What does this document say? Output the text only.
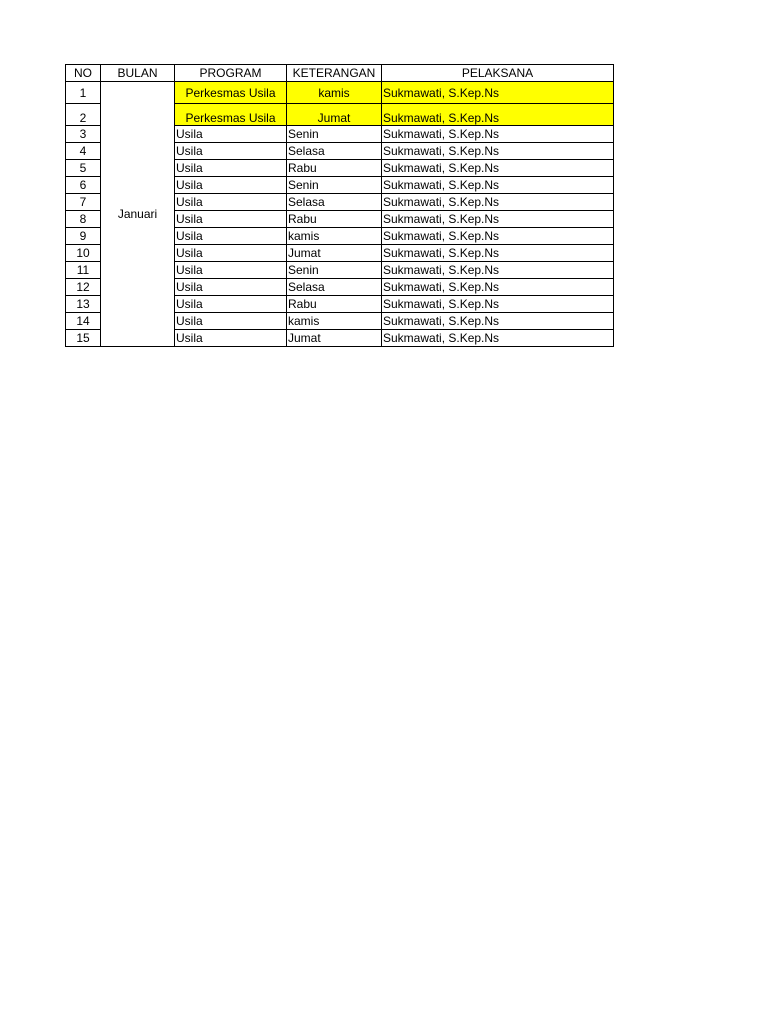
NO	BULAN	PROGRAM	KETERANGAN	PELAKSANA
1	Januari	Perkesmas Usila	kamis	Sukmawati, S.Kep.Ns
2		Perkesmas Usila	Jumat	Sukmawati, S.Kep.Ns
3		Usila	Senin	Sukmawati, S.Kep.Ns
4		Usila	Selasa	Sukmawati, S.Kep.Ns
5		Usila	Rabu	Sukmawati, S.Kep.Ns
6		Usila	Senin	Sukmawati, S.Kep.Ns
7		Usila	Selasa	Sukmawati, S.Kep.Ns
8		Usila	Rabu	Sukmawati, S.Kep.Ns
9		Usila	kamis	Sukmawati, S.Kep.Ns
10		Usila	Jumat	Sukmawati, S.Kep.Ns
11		Usila	Senin	Sukmawati, S.Kep.Ns
12		Usila	Selasa	Sukmawati, S.Kep.Ns
13		Usila	Rabu	Sukmawati, S.Kep.Ns
14		Usila	kamis	Sukmawati, S.Kep.Ns
15		Usila	Jumat	Sukmawati, S.Kep.Ns
